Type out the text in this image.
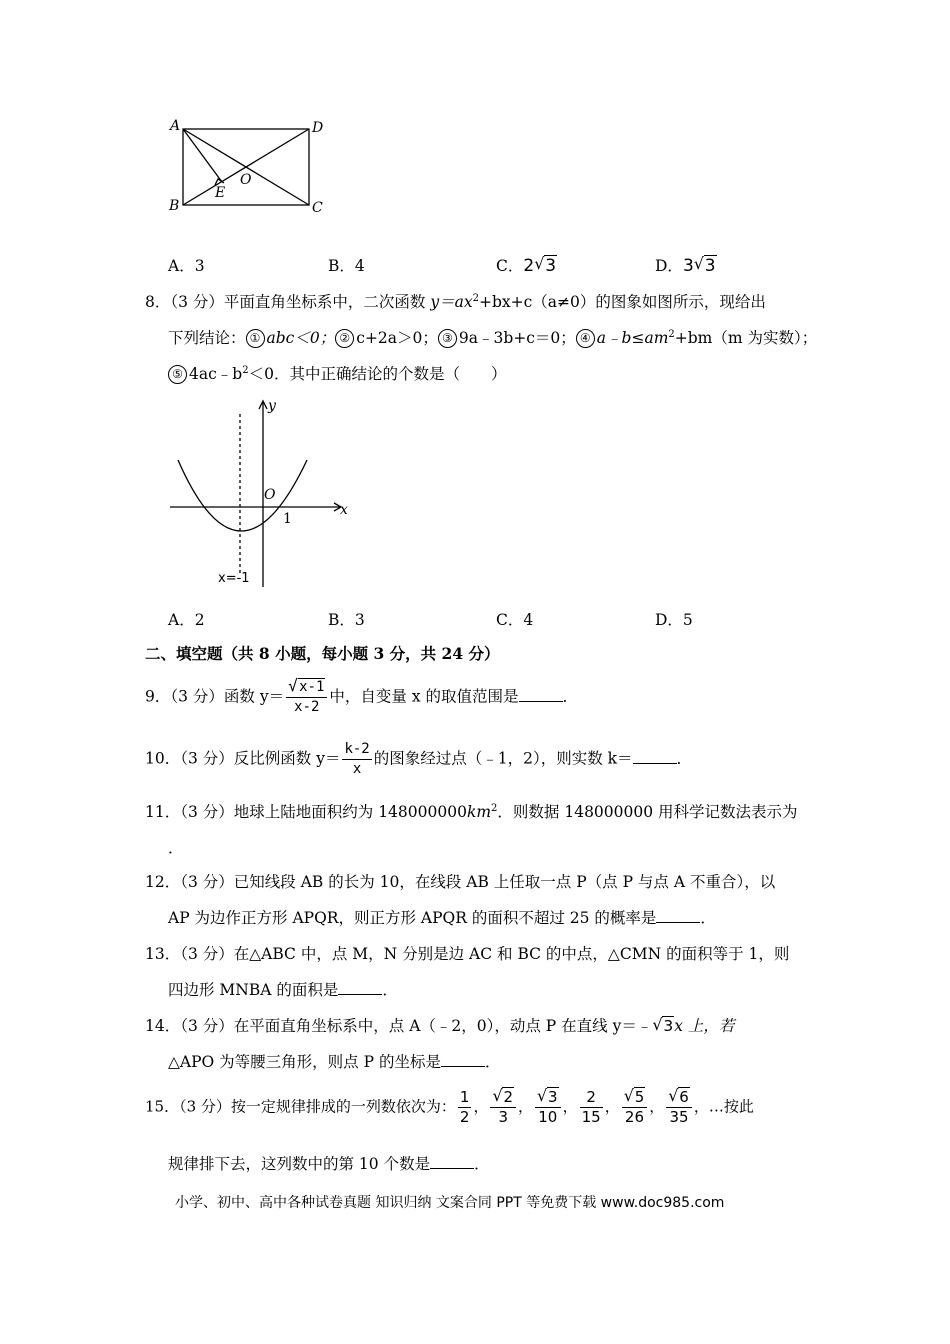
A	D
B	C
E
O
A．3	B．4	C．2 √ 3	D．3 √ 3
8．（3 分）平面直角坐标系中，二次函数 $y=ax^2+bx+c(a\ne 0)$的图象如图所示，现给出
下列结论： ① abc＜0； ② c+2a＞0； ③ 9a﹣3b+c＝0； ④ $a﹣b\le am^2+bm(m$ 为实数）；
⑤ $4ac﹣b^2<0$．其中正确结论的个数是（　　）
y
x
O
1
x=-1
A．2	B．3	C．4	D．5
二、填空题（共 8 小题，每小题 3 分，共 24 分）
9．（3 分）函数 $y= \frac{√ x-1}{x-2}$ 中，自变量 x 的取值范围是	．
10．（3 分）反比例函数 $y= \frac{k-2}{x}$ 的图象经过点（﹣1，2），则实数 k＝	．
11．（3 分）地球上陆地面积约为 $148000000km^2$．则数据 148000000 用科学记数法表示为
．
12．（3 分）已知线段 AB 的长为 10，在线段 AB 上任取一点 P（点 P 与点 A 不重合），以
AP 为边作正方形 APQR，则正方形 APQR 的面积不超过 25 的概率是	．
13．（3 分）在△ABC 中，点 M，N 分别是边 AC 和 BC 的中点，△CMN 的面积等于 1，则
四边形 MNBA 的面积是	．
14．（3 分）在平面直角坐标系中，点 A（﹣2，0），动点 P 在直线 y＝﹣ √ 3x 上，若
△APO 为等腰三角形，则点 P 的坐标是	．
15．（3 分）按一定规律排成的一列数依次为： $\frac{1}{2}$ ， $\frac{√ 2}{3}$ ， $\frac{√ 3}{10}$ ， $\frac{2}{15}$ ， $\frac{√ 5}{26}$ ， $\frac{√ 6}{35}$ ，…按此
规律排下去，这列数中的第 10 个数是	．
小学、初中、高中各种试卷真题 知识归纳 文案合同 PPT 等免费下载 www.doc985.com
